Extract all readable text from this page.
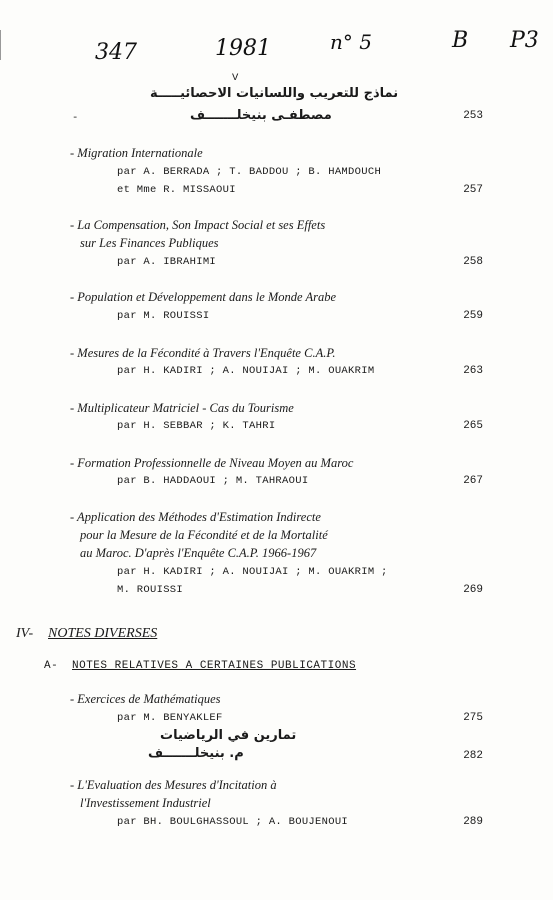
347	1981	n° 5	B P3
V
نماذج للتعريب واللسانيات الاحصائيـــــة
-	مصطفـى بنيخلـــــــف	253
- Migration Internationale
par A. BERRADA ; T. BADDOU ; B. HAMDOUCH
et Mme R. MISSAOUI	257
- La Compensation, Son Impact Social et ses Effets
sur Les Finances Publiques
par A. IBRAHIMI	258
- Population et Développement dans le Monde Arabe
par M. ROUISSI	259
- Mesures de la Fécondité à Travers l'Enquête C.A.P.
par H. KADIRI ; A. NOUIJAI ; M. OUAKRIM	263
- Multiplicateur Matriciel - Cas du Tourisme
par H. SEBBAR ; K. TAHRI	265
- Formation Professionnelle de Niveau Moyen au Maroc
par B. HADDAOUI ; M. TAHRAOUI	267
- Application des Méthodes d'Estimation Indirecte
pour la Mesure de la Fécondité et de la Mortalité
au Maroc. D'après l'Enquête C.A.P. 1966-1967
par H. KADIRI ; A. NOUIJAI ; M. OUAKRIM ;
M. ROUISSI	269
IV- NOTES DIVERSES
A- NOTES RELATIVES A CERTAINES PUBLICATIONS
- Exercices de Mathématiques
par M. BENYAKLEF	275
تمارين في الرياضيات
م. بنيخلـــــــف	282
- L'Evaluation des Mesures d'Incitation à
l'Investissement Industriel
par BH. BOULGHASSOUL ; A. BOUJENOUI	289
